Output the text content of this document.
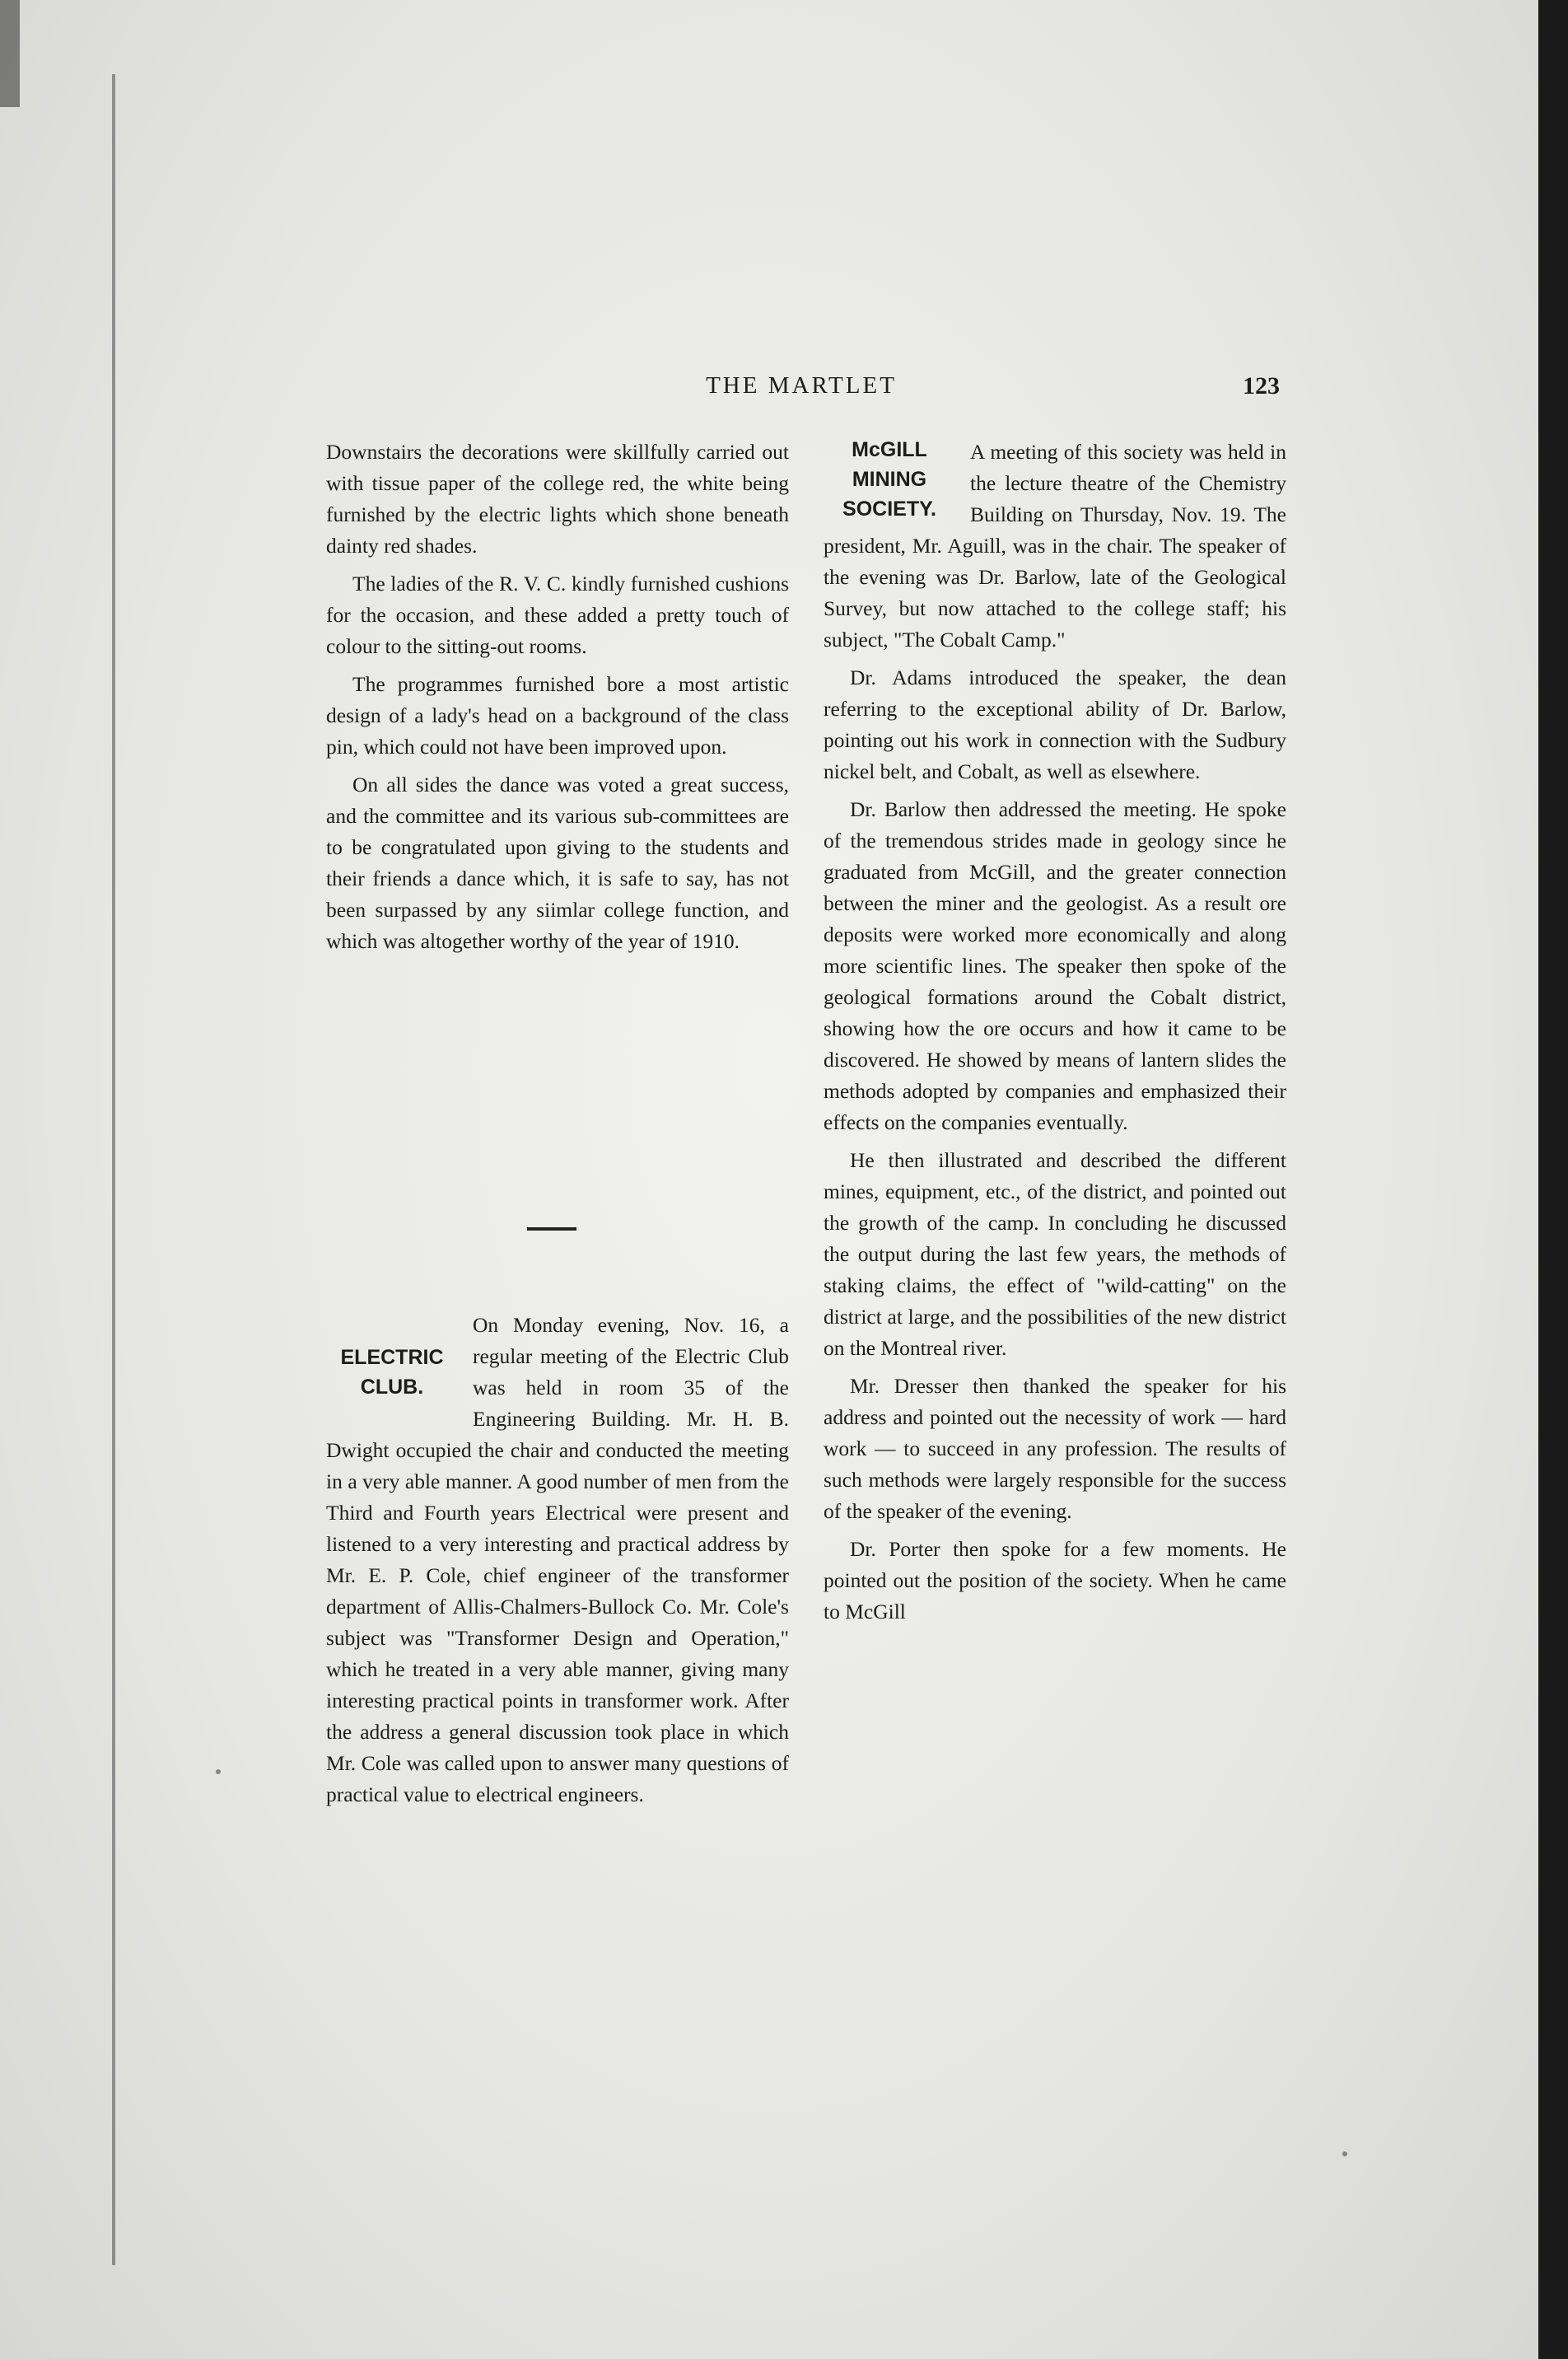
THE MARTLET	123

Downstairs the decorations were skillfully carried out with tissue paper of the college red, the white being furnished by the electric lights which shone beneath dainty red shades.

The ladies of the R. V. C. kindly furnished cushions for the occasion, and these added a pretty touch of colour to the sitting-out rooms.

The programmes furnished bore a most artistic design of a lady's head on a background of the class pin, which could not have been improved upon.

On all sides the dance was voted a great success, and the committee and its various sub-committees are to be congratulated upon giving to the students and their friends a dance which, it is safe to say, has not been surpassed by any siimlar college function, and which was altogether worthy of the year of 1910.

ELECTRIC
CLUB.

On Monday evening, Nov. 16, a regular meeting of the Electric Club was held in room 35 of the Engineering Building. Mr. H. B. Dwight occupied the chair and conducted the meeting in a very able manner. A good number of men from the Third and Fourth years Electrical were present and listened to a very interesting and practical address by Mr. E. P. Cole, chief engineer of the transformer department of Allis-Chalmers-Bullock Co. Mr. Cole's subject was "Transformer Design and Operation," which he treated in a very able manner, giving many interesting practical points in transformer work. After the address a general discussion took place in which Mr. Cole was called upon to answer many questions of practical value to electrical engineers.

McGILL
MINING
SOCIETY.

A meeting of this society was held in the lecture theatre of the Chemistry Building on Thursday, Nov. 19. The president, Mr. Aguill, was in the chair. The speaker of the evening was Dr. Barlow, late of the Geological Survey, but now attached to the college staff; his subject, "The Cobalt Camp."

Dr. Adams introduced the speaker, the dean referring to the exceptional ability of Dr. Barlow, pointing out his work in connection with the Sudbury nickel belt, and Cobalt, as well as elsewhere.

Dr. Barlow then addressed the meeting. He spoke of the tremendous strides made in geology since he graduated from McGill, and the greater connection between the miner and the geologist. As a result ore deposits were worked more economically and along more scientific lines. The speaker then spoke of the geological formations around the Cobalt district, showing how the ore occurs and how it came to be discovered. He showed by means of lantern slides the methods adopted by companies and emphasized their effects on the companies eventually.

He then illustrated and described the different mines, equipment, etc., of the district, and pointed out the growth of the camp. In concluding he discussed the output during the last few years, the methods of staking claims, the effect of "wild-catting" on the district at large, and the possibilities of the new district on the Montreal river.

Mr. Dresser then thanked the speaker for his address and pointed out the necessity of work — hard work — to succeed in any profession. The results of such methods were largely responsible for the success of the speaker of the evening.

Dr. Porter then spoke for a few moments. He pointed out the position of the society. When he came to McGill
